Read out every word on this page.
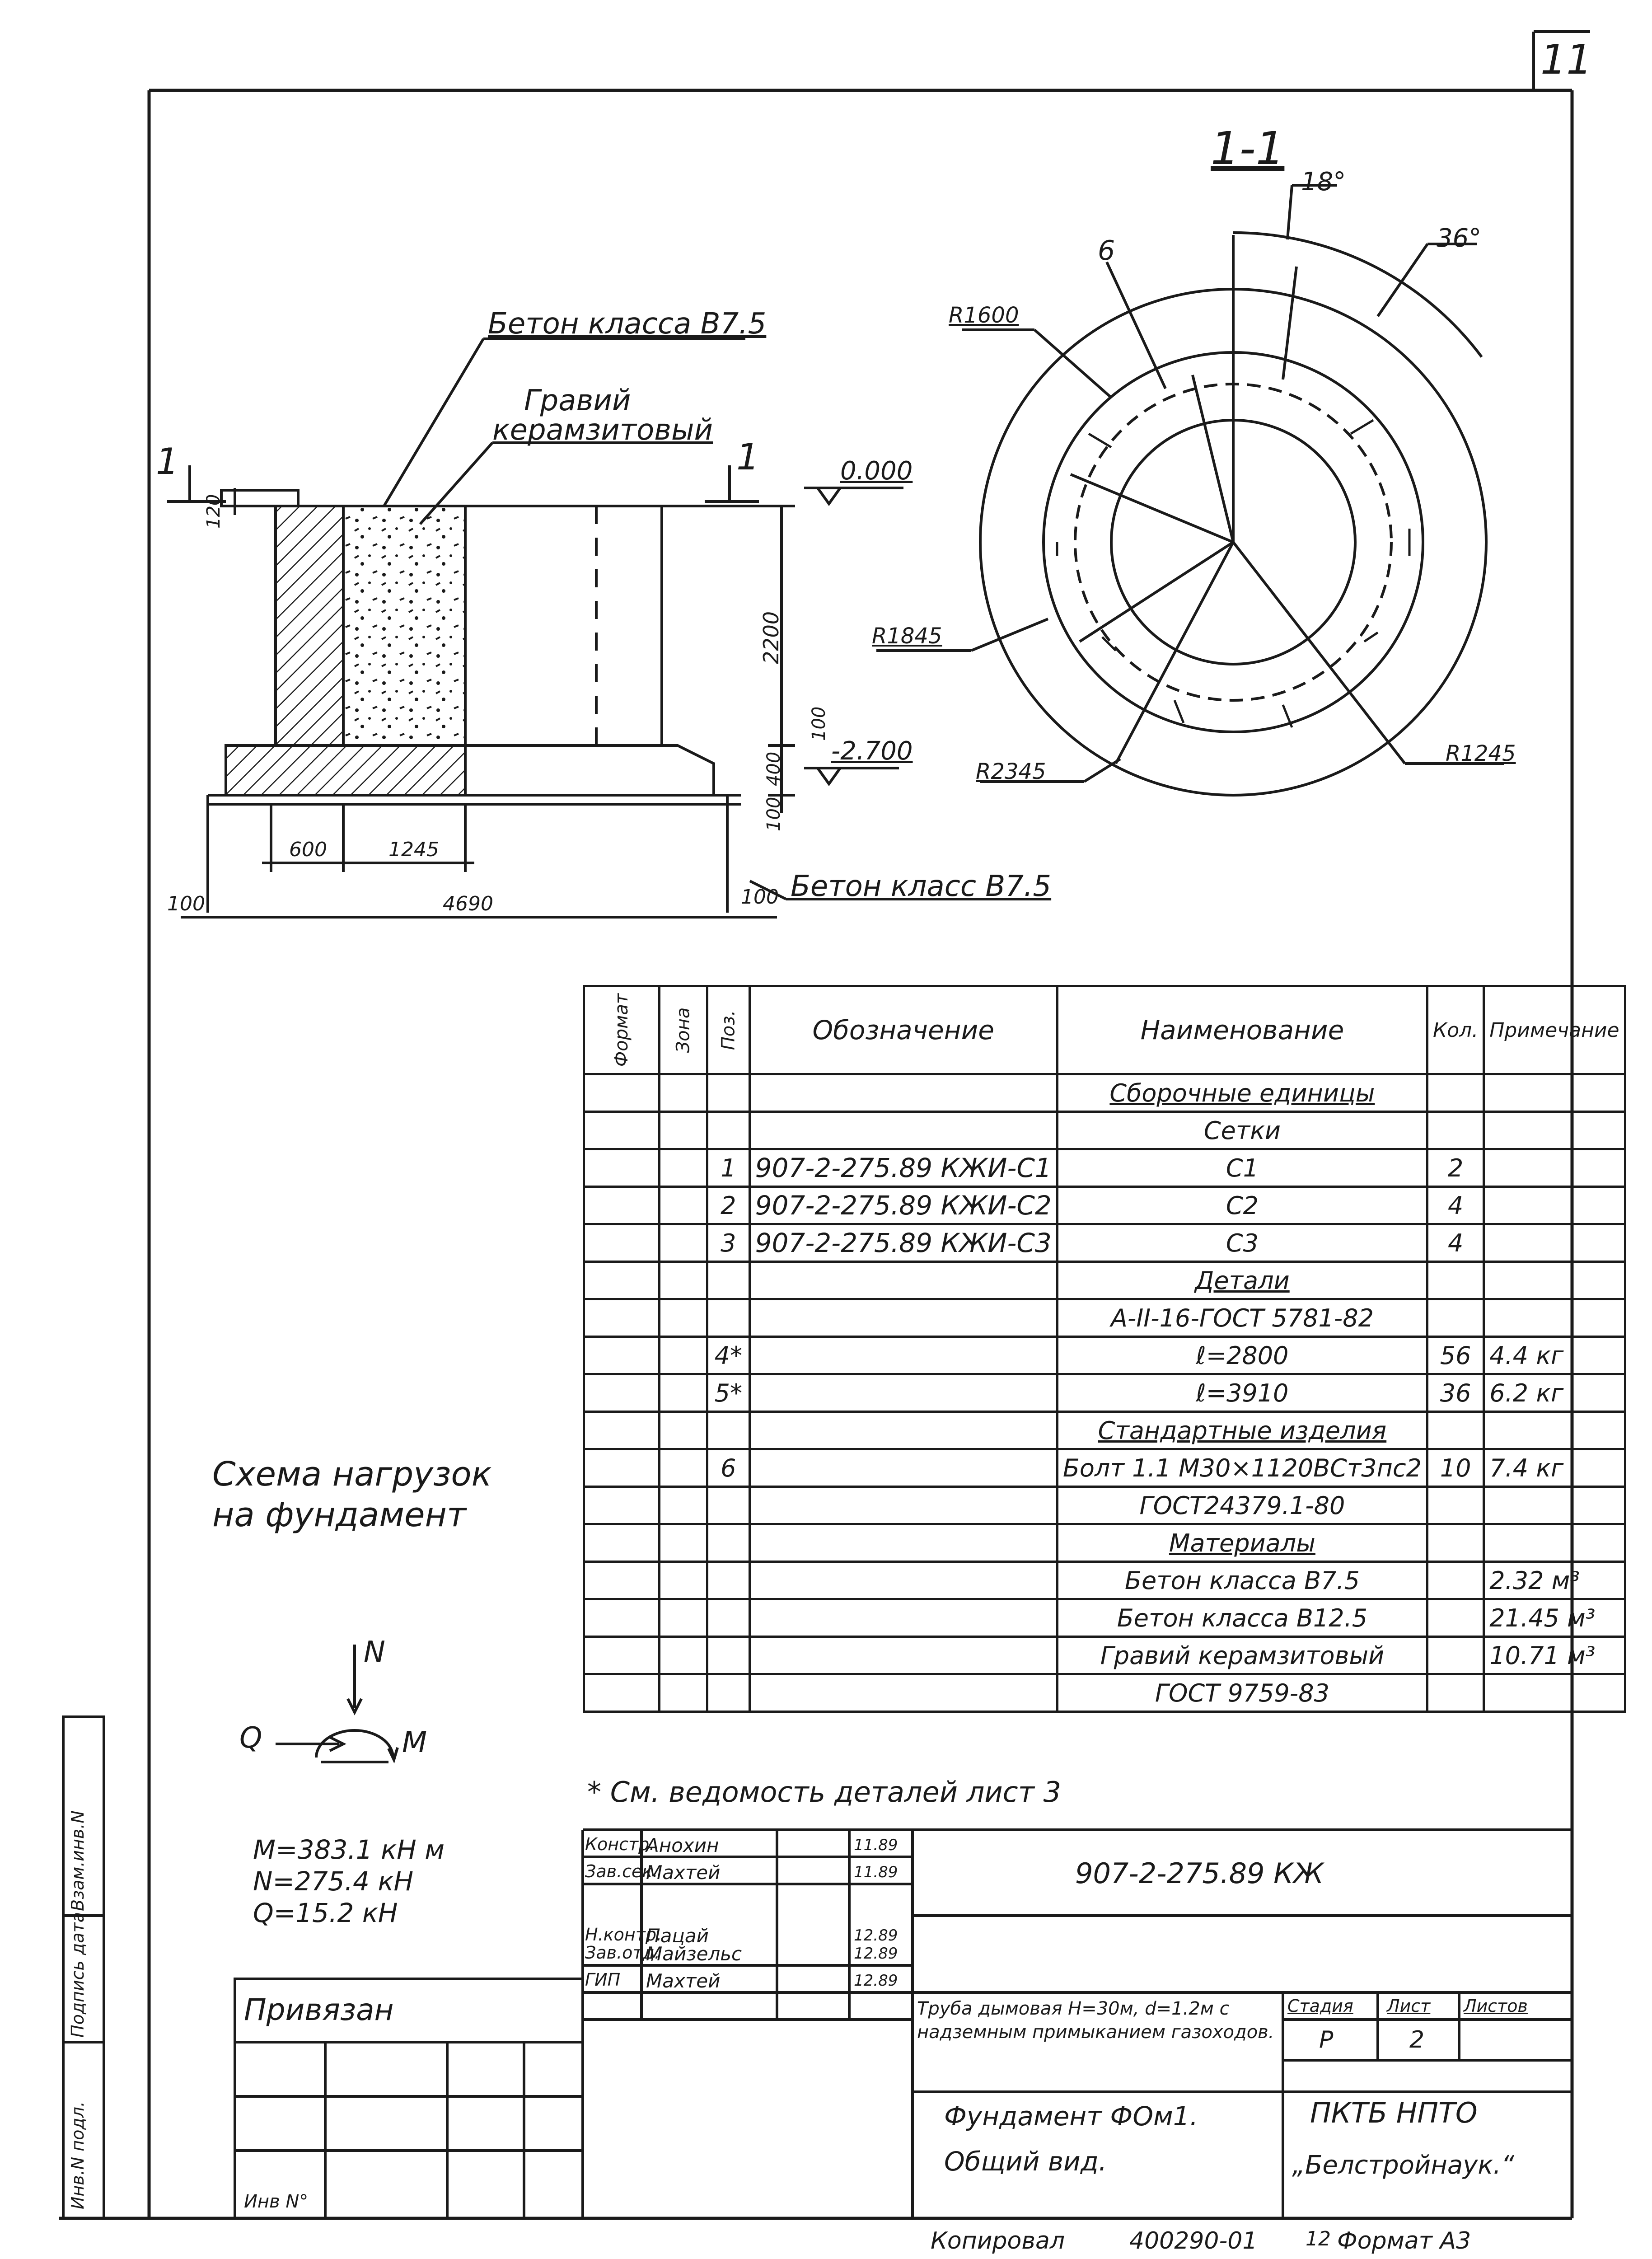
11
1-1
Бетон класса В7.5
Гравий
керамзитовый
1	1	0.000
-2.700
Бетон класс В7.5
120
2200
100
400
100
600	1245
4690
100	100
18°
36°
6
R1600
R1845
R2345
R1245
Схема нагрузок
на фундамент
N
Q	M
M=383.1 кН м
N=275.4 кН
Q=15.2 кН
Формат	Зона	Поз.	Обозначение	Наименование	Кол.	Примечание
				Сборочные единицы		
				Сетки		
		1	907-2-275.89 КЖИ-С1	С1	2	
		2	907-2-275.89 КЖИ-С2	С2	4	
		3	907-2-275.89 КЖИ-С3	С3	4	
				Детали		
				А-II-16-ГОСТ 5781-82		
		4*		ℓ=2800	56	4.4 кг
		5*		ℓ=3910	36	6.2 кг
				Стандартные изделия		
		6		Болт 1.1 М30×1120ВСт3пс2	10	7.4 кг
				ГОСТ24379.1-80		
				Материалы		
				Бетон класса В7.5		2.32 м³
				Бетон класса В12.5		21.45 м³
				Гравий керамзитовый		10.71 м³
				ГОСТ 9759-83		
* См. ведомость деталей лист 3
Констр.
Анохин	11.89
Зав.сек.
Махтей	11.89
Н.контр.
Пацай	12.89
Зав.отд.
Майзельс	12.89
ГИП Махтей	12.89
907-2-275.89 КЖ
Труба дымовая Н=30м, d=1.2м с надземным примыканием газоходов.
Фундамент ФОм1.
Общий вид.
Стадия Лист Листов
Р	2
ПКТБ НПТО
„Белстройнаук.“
Привязан
Инв N°
Инв.N подл.
Подпись дата
Взам.инв.N
Копировал	400290-01 12 Формат А3
